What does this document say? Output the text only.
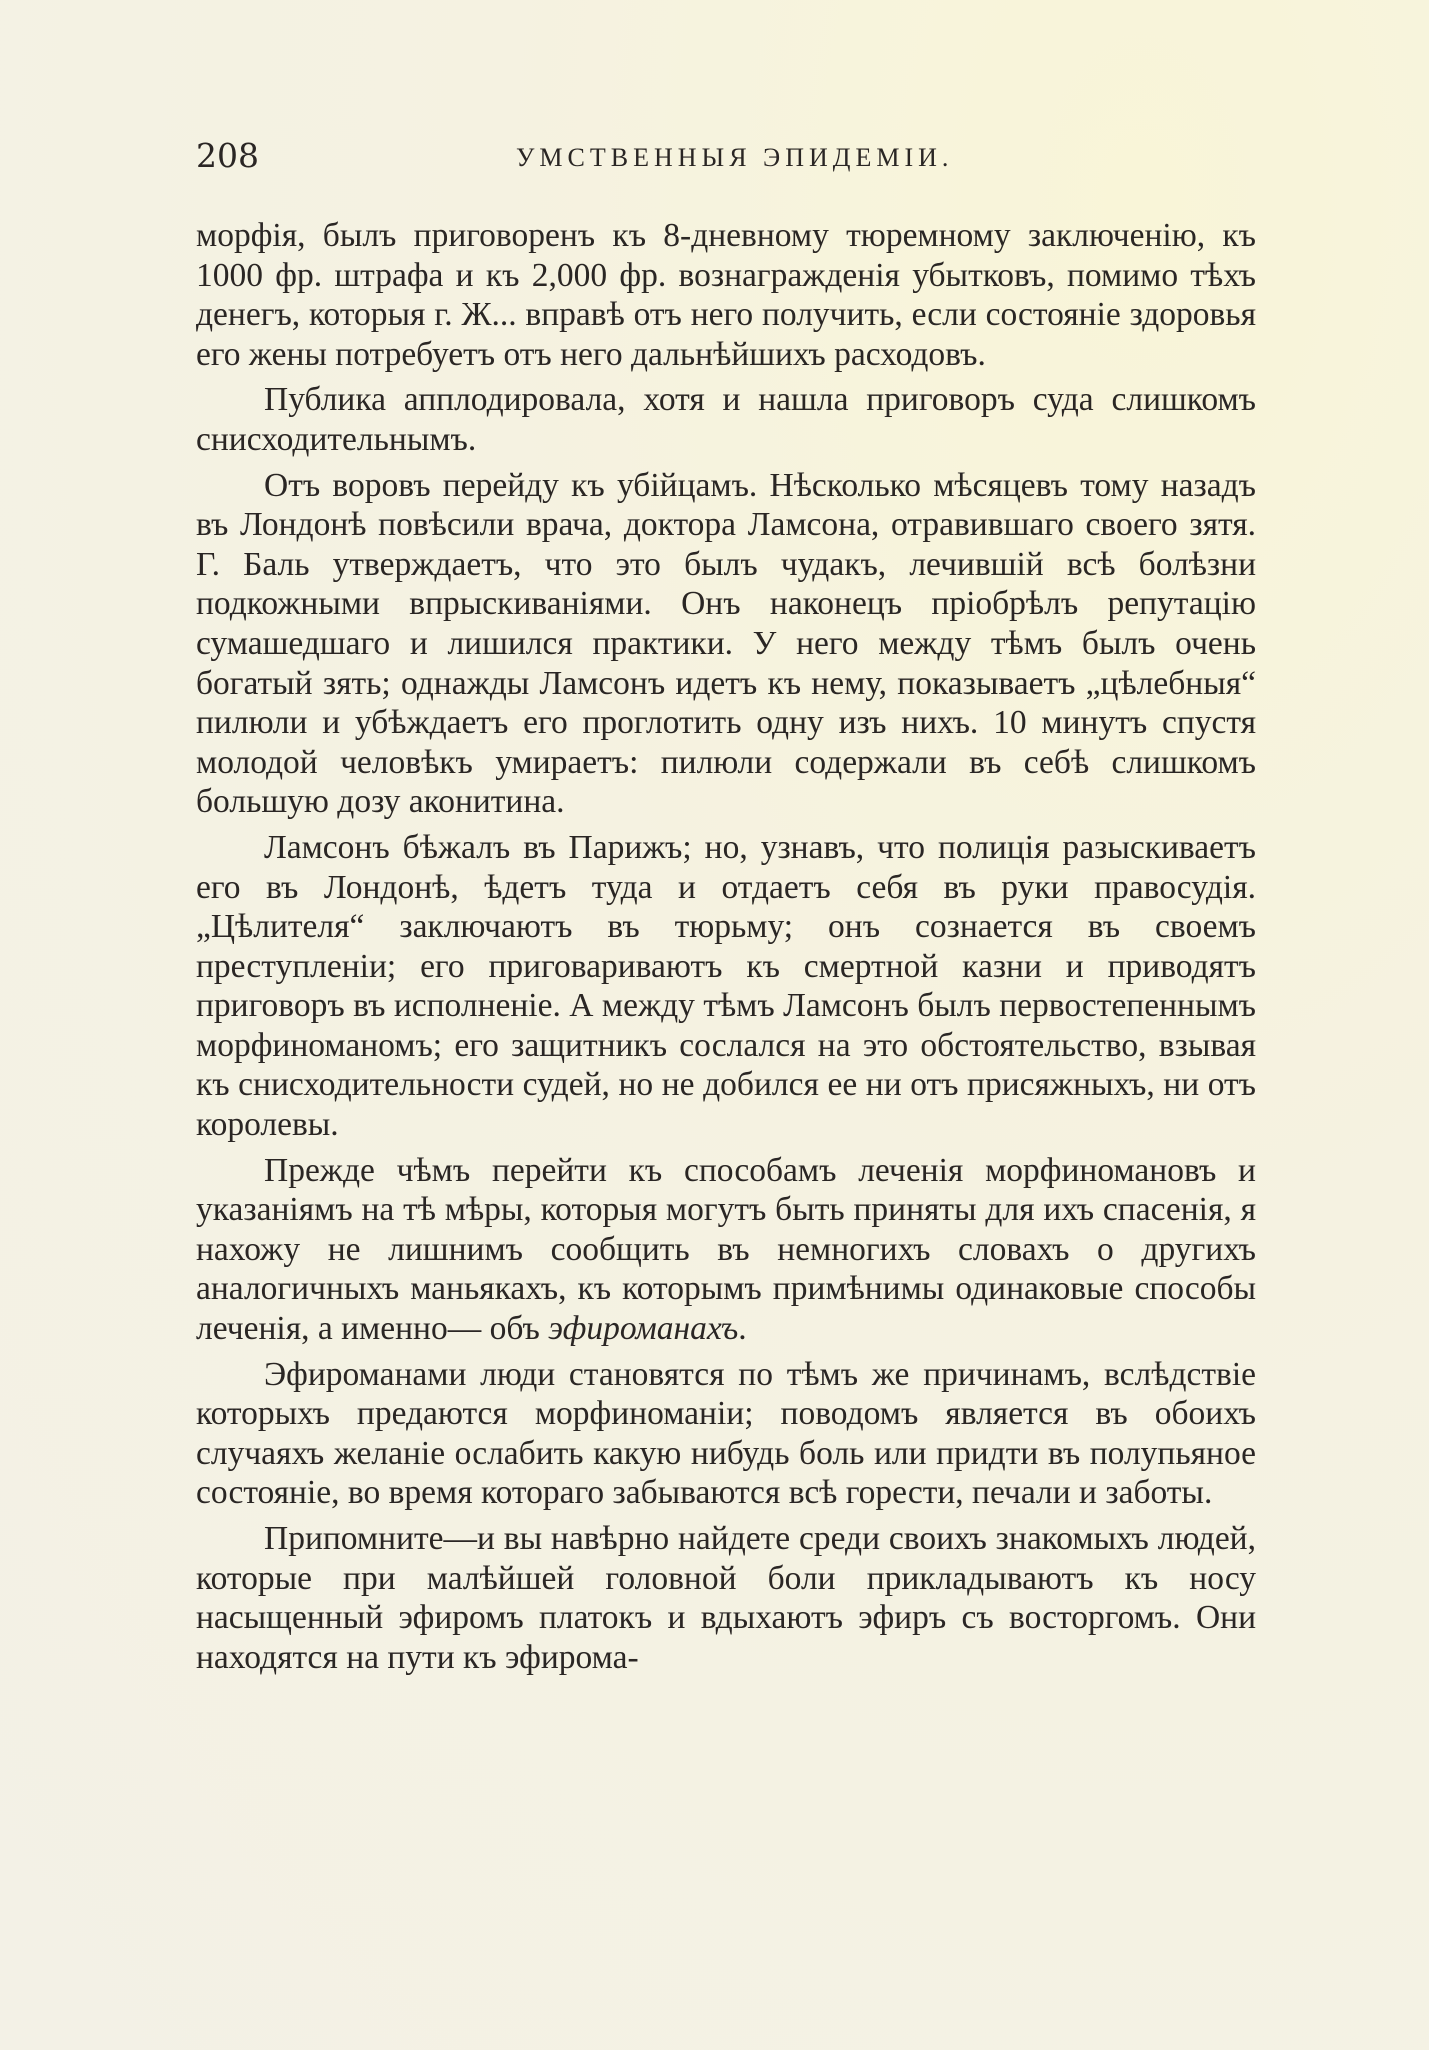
208	УМСТВЕННЫЯ ЭПИДЕМІИ.

морфія, былъ приговоренъ къ 8-дневному тюремному заключенію, къ 1000 фр. штрафа и къ 2,000 фр. вознагражденія убытковъ, помимо тѣхъ денегъ, которыя г. Ж... вправѣ отъ него получить, если состояніе здоровья его жены потребуетъ отъ него дальнѣйшихъ расходовъ.

Публика апплодировала, хотя и нашла приговоръ суда слишкомъ снисходительнымъ.

Отъ воровъ перейду къ убійцамъ. Нѣсколько мѣсяцевъ тому назадъ въ Лондонѣ повѣсили врача, доктора Ламсона, отравившаго своего зятя. Г. Баль утверждаетъ, что это былъ чудакъ, лечившій всѣ болѣзни подкожными впрыскиваніями. Онъ наконецъ пріобрѣлъ репутацію сумашедшаго и лишился практики. У него между тѣмъ былъ очень богатый зять; однажды Ламсонъ идетъ къ нему, показываетъ „цѣлебныя“ пилюли и убѣждаетъ его проглотить одну изъ нихъ. 10 минутъ спустя молодой человѣкъ умираетъ: пилюли содержали въ себѣ слишкомъ большую дозу аконитина.

Ламсонъ бѣжалъ въ Парижъ; но, узнавъ, что полиція разыскиваетъ его въ Лондонѣ, ѣдетъ туда и отдаетъ себя въ руки правосудія. „Цѣлителя“ заключаютъ въ тюрьму; онъ сознается въ своемъ преступленіи; его приговариваютъ къ смертной казни и приводятъ приговоръ въ исполненіе. А между тѣмъ Ламсонъ былъ первостепеннымъ морфиноманомъ; его защитникъ сослался на это обстоятельство, взывая къ снисходительности судей, но не добился ее ни отъ присяжныхъ, ни отъ королевы.

Прежде чѣмъ перейти къ способамъ леченія морфиномановъ и указаніямъ на тѣ мѣры, которыя могутъ быть приняты для ихъ спасенія, я нахожу не лишнимъ сообщить въ немногихъ словахъ о другихъ аналогичныхъ маньякахъ, къ которымъ примѣнимы одинаковые способы леченія, а именно— объ эфироманахъ.

Эфироманами люди становятся по тѣмъ же причинамъ, вслѣдствіе которыхъ предаются морфиноманіи; поводомъ является въ обоихъ случаяхъ желаніе ослабить какую нибудь боль или придти въ полупьяное состояніе, во время котораго забываются всѣ горести, печали и заботы.

Припомните—и вы навѣрно найдете среди своихъ знакомыхъ людей, которые при малѣйшей головной боли прикладываютъ къ носу насыщенный эфиромъ платокъ и вдыхаютъ эфиръ съ восторгомъ. Они находятся на пути къ эфирома-
